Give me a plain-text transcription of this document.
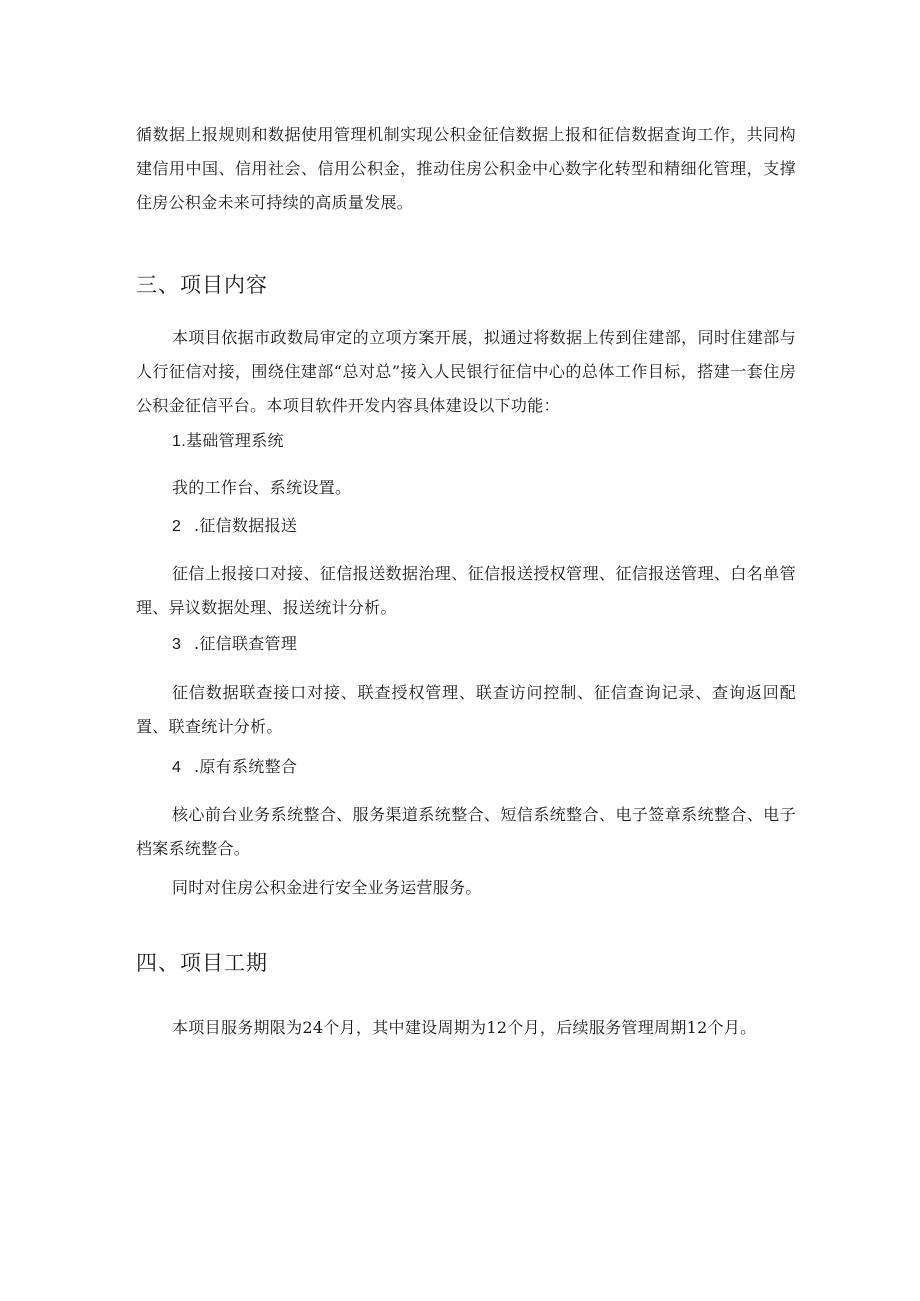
循数据上报规则和数据使用管理机制实现公积金征信数据上报和征信数据查询工作，共同构建信用中国、信用社会、信用公积金，推动住房公积金中心数字化转型和精细化管理，支撑住房公积金未来可持续的高质量发展。

三、项目内容

本项目依据市政数局审定的立项方案开展，拟通过将数据上传到住建部，同时住建部与人行征信对接，围绕住建部“总对总”接入人民银行征信中心的总体工作目标，搭建一套住房公积金征信平台。本项目软件开发内容具体建设以下功能：

1.基础管理系统

我的工作台、系统设置。

2 .征信数据报送

征信上报接口对接、征信报送数据治理、征信报送授权管理、征信报送管理、白名单管理、异议数据处理、报送统计分析。

3 .征信联查管理

征信数据联查接口对接、联查授权管理、联查访问控制、征信查询记录、查询返回配置、联查统计分析。

4 .原有系统整合

核心前台业务系统整合、服务渠道系统整合、短信系统整合、电子签章系统整合、电子档案系统整合。

同时对住房公积金进行安全业务运营服务。

四、项目工期

本项目服务期限为24个月，其中建设周期为12个月，后续服务管理周期12个月。
